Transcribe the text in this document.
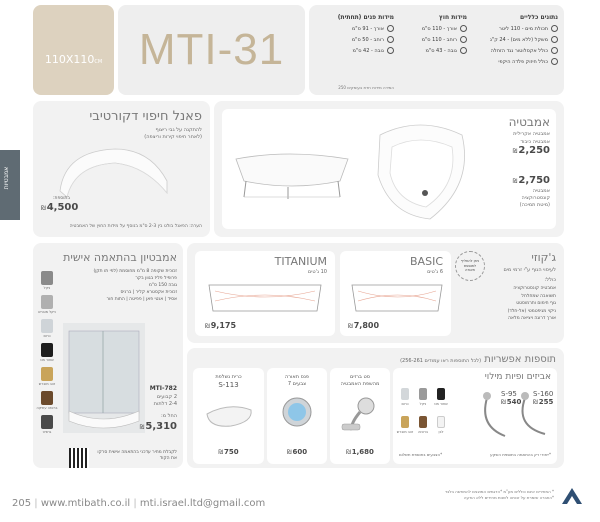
110X110CM MTI-31
נתונים כלליים
תכולת מים - 110 ליטר
משקל (ללא מים) - 24 ק"ג
כולל אקסלוטור נגד הזחלה
כולל חיזוק פלדה היקפי
מידות חוץ
אורך - 110 ס"מ
רוחב - 110 ס"מ
גובה - 43 ס"מ
מידות פנים (תחתית)
אורך - 91 ס"מ
רוחב - 50 ס"מ
גובה - 42 ס"מ
המידה מידות חדת בעומקים 250
אמבטיות
פאנל חיפוי דקורטיבי
להתקנה על גבי ריצוף
(לאחר חיפוי קירות וריצפה)
בתוספת:
₪4,500
הערה: הפאנל בולט בין 2-3 ס"מ בנוסף על מידות החוץ של האמבטיה
אמבטיה
אמבטיה אקרילית
אמבטיה כיבוד
₪2,250
₪2,750
אמבטיה
קונסטרוקציה
(מיטת תמיכה)
אמבטיון בהתאמה אישית
זכוכית שקופה 8 מ"מ מחוסמת (לפי תו תקן)
פרופיל פליז בגוון בקר
גובה 150 ס"מ
זכוכית אקסטרא קליר | ברניס
אסיד | אנטי פאן | פפיטה | התות חור
ניקל
ניקל מוברש
כרום
שחור מט
זהב מוברש
ברונזה עתיקה
גרפיט
MTI-782
2 קבועים
2-4 דלתות
החל מ:
₪5,310
לקבלת מחיר עדכני בהתאמה אישית סרקו את הקוד
ג'קוזי
לעיסוי הגוף ע"י זרמי מים
כולל:
אמבטיה קונסטרוקציה
תשואבה שמחלחל
גוף חימום ותרמוסטט
ניקוי מגיפטמטי (אל-חלד)
אורך דרוגה ויציאה מלאה
ניתן להחליף לתוספת תאורה
BASIC
6 ג'טים
₪7,800
TITANIUM
10 ג'טים
₪9,175
תוספות אפשריות (לכל התוספות ראו עמודים 256-261)
אביזים ופיות מילוי
S-160
₪255
S-95
₪540
כרום	ניקל	שחור מט
זהב מוברש	ברונזה	לבן
*ייחודי רק בהתאמה בתוספת השקע
*הצבעים בתוספת תשלום
סט ברזים
מהשפת האמבטיה
₪1,680
פנס תאורה
7 צבעים
₪600
כרית נשלפת
S-113
₪750
205 | www.mtibath.co.il | mti.israel.ltd@gmail.com
* המחירים אינם כוללים מע"מ *הדגמים המוצגים להמחשה בלבד
*החברה שומרת על זכותה לשנות מחירים ללא הודעה
